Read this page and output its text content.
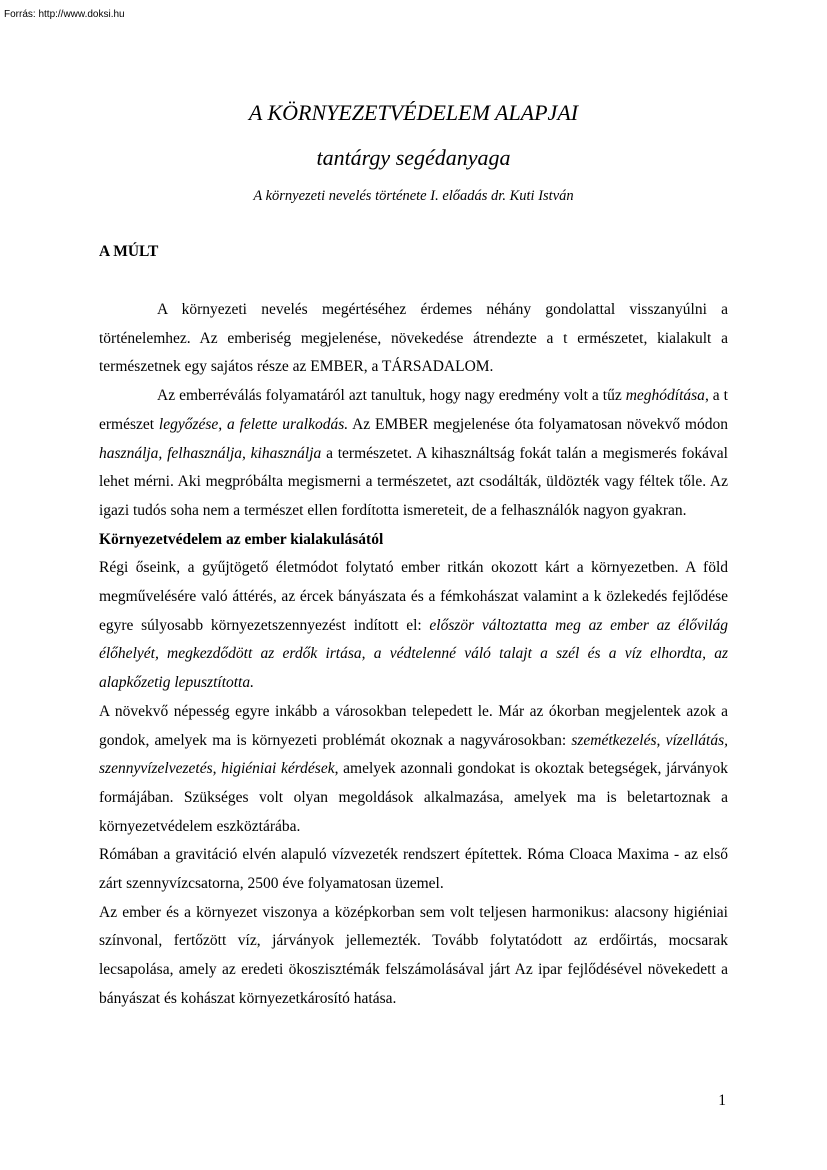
Forrás: http://www.doksi.hu
A KÖRNYEZETVÉDELEM ALAPJAI
tantárgy segédanyaga
A környezeti nevelés története I. előadás dr. Kuti István
A MÚLT

A környezeti nevelés megértéséhez érdemes néhány gondolattal visszanyúlni a történelemhez. Az emberiség megjelenése, növekedése átrendezte a t ermészetet, kialakult a természetnek egy sajátos része az EMBER, a TÁRSADALOM.

Az emberréválás folyamatáról azt tanultuk, hogy nagy eredmény volt a tűz meghódítása, a t ermészet legyőzése, a felette uralkodás. Az EMBER megjelenése óta folyamatosan növekvő módon használja, felhasználja, kihasználja a természetet. A kihasználtság fokát talán a megismerés fokával lehet mérni. Aki megpróbálta megismerni a természetet, azt csodálták, üldözték vagy féltek tőle. Az igazi tudós soha nem a természet ellen fordította ismereteit, de a felhasználók nagyon gyakran.

Környezetvédelem az ember kialakulásától

Régi őseink, a gyűjtögető életmódot folytató ember ritkán okozott kárt a környezetben. A föld megművelésére való áttérés, az ércek bányászata és a fémkohászat valamint a k özlekedés fejlődése egyre súlyosabb környezetszennyezést indított el: először változtatta meg az ember az élővilág élőhelyét, megkezdődött az erdők irtása, a védtelenné váló talajt a szél és a víz elhordta, az alapkőzetig lepusztította.

A növekvő népesség egyre inkább a városokban telepedett le. Már az ókorban megjelentek azok a gondok, amelyek ma is környezeti problémát okoznak a nagyvárosokban: szemétkezelés, vízellátás, szennyvízelvezetés, higiéniai kérdések, amelyek azonnali gondokat is okoztak betegségek, járványok formájában. Szükséges volt olyan megoldások alkalmazása, amelyek ma is beletartoznak a környezetvédelem eszköztárába.

Rómában a gravitáció elvén alapuló vízvezeték rendszert építettek. Róma Cloaca Maxima - az első zárt szennyvízcsatorna, 2500 éve folyamatosan üzemel.

Az ember és a környezet viszonya a középkorban sem volt teljesen harmonikus: alacsony higiéniai színvonal, fertőzött víz, járványok jellemezték. Tovább folytatódott az erdőirtás, mocsarak lecsapolása, amely az eredeti ökoszisztémák felszámolásával járt Az ipar fejlődésével növekedett a bányászat és kohászat környezetkárosító hatása.

1
